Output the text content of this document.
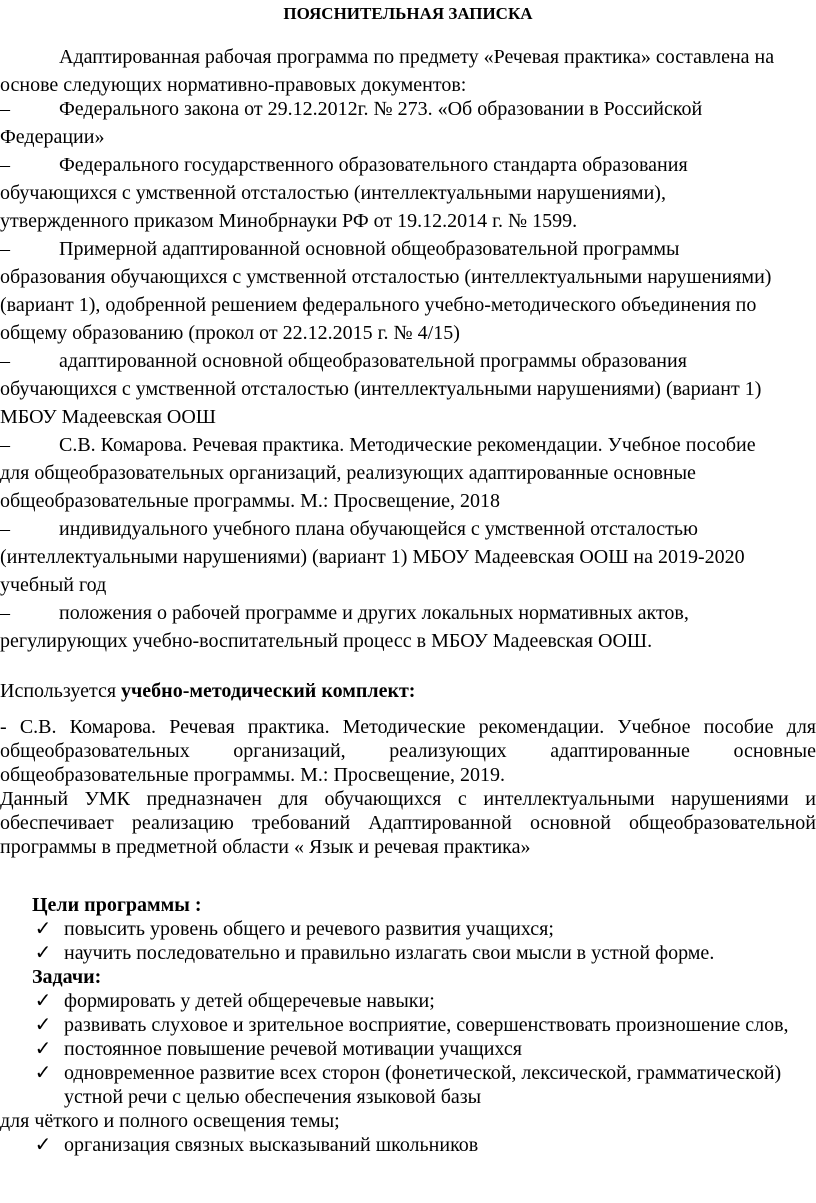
ПОЯСНИТЕЛЬНАЯ ЗАПИСКА
Адаптированная рабочая программа по предмету «Речевая практика» составлена на
основе следующих нормативно-правовых документов:
– Федерального закона от 29.12.2012г. № 273. «Об образовании в Российской
Федерации»
– Федерального государственного образовательного стандарта образования
обучающихся с умственной отсталостью (интеллектуальными нарушениями),
утвержденного приказом Минобрнауки РФ от 19.12.2014 г. № 1599.
– Примерной адаптированной основной общеобразовательной программы
образования обучающихся с умственной отсталостью (интеллектуальными нарушениями)
(вариант 1), одобренной решением федерального учебно-методического объединения по
общему образованию (прокол от 22.12.2015 г. № 4/15)
– адаптированной основной общеобразовательной программы образования
обучающихся с умственной отсталостью (интеллектуальными нарушениями) (вариант 1)
МБОУ Мадеевская ООШ
– С.В. Комарова. Речевая практика. Методические рекомендации. Учебное пособие
для общеобразовательных организаций, реализующих адаптированные основные
общеобразовательные программы. М.: Просвещение, 2018
– индивидуального учебного плана обучающейся с умственной отсталостью
(интеллектуальными нарушениями) (вариант 1) МБОУ Мадеевская ООШ на 2019-2020
учебный год
– положения о рабочей программе и других локальных нормативных актов,
регулирующих учебно-воспитательный процесс в МБОУ Мадеевская ООШ.
Используется учебно-методический комплект:

- С.В. Комарова. Речевая практика. Методические рекомендации. Учебное пособие для
общеобразовательных организаций, реализующих адаптированные основные
общеобразовательные программы. М.: Просвещение, 2019.

Данный УМК предназначен для обучающихся с интеллектуальными нарушениями и
обеспечивает реализацию требований Адаптированной основной общеобразовательной
программы в предметной области « Язык и речевая практика»

Цели программы :
✓ повысить уровень общего и речевого развития учащихся;
✓ научить последовательно и правильно излагать свои мысли в устной форме.
Задачи:
✓ формировать у детей общеречевые навыки;
✓ развивать слуховое и зрительное восприятие, совершенствовать произношение слов,
✓ постоянное повышение речевой мотивации учащихся
✓ одновременное развитие всех сторон (фонетической, лексической, грамматической)
устной речи с целью обеспечения языковой базы
для чёткого и полного освещения темы;
✓ организация связных высказываний школьников
